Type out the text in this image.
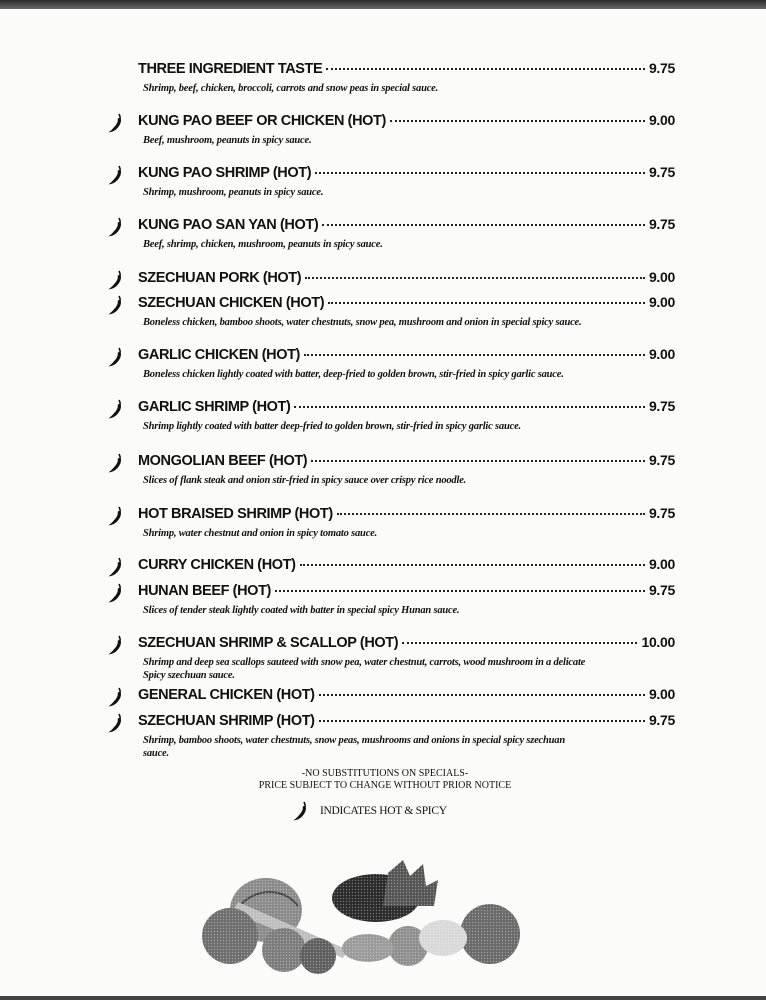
THREE INGREDIENT TASTE	9.75
Shrimp, beef, chicken, broccoli, carrots and snow peas in special sauce.
KUNG PAO BEEF OR CHICKEN (HOT)	9.00
Beef, mushroom, peanuts in spicy sauce.
KUNG PAO SHRIMP (HOT)	9.75
Shrimp, mushroom, peanuts in spicy sauce.
KUNG PAO SAN YAN (HOT)	9.75
Beef, shrimp, chicken, mushroom, peanuts in spicy sauce.
SZECHUAN PORK (HOT)	9.00
SZECHUAN CHICKEN (HOT)	9.00
Boneless chicken, bamboo shoots, water chestnuts, snow pea, mushroom and onion in special spicy sauce.
GARLIC CHICKEN (HOT)	9.00
Boneless chicken lightly coated with batter, deep-fried to golden brown, stir-fried in spicy garlic sauce.
GARLIC SHRIMP (HOT)	9.75
Shrimp lightly coated with batter deep-fried to golden brown, stir-fried in spicy garlic sauce.
MONGOLIAN BEEF (HOT)	9.75
Slices of flank steak and onion stir-fried in spicy sauce over crispy rice noodle.
HOT BRAISED SHRIMP (HOT)	9.75
Shrimp, water chestnut and onion in spicy tomato sauce.
CURRY CHICKEN (HOT)	9.00
HUNAN BEEF (HOT)	9.75
Slices of tender steak lightly coated with batter in special spicy Hunan sauce.
SZECHUAN SHRIMP & SCALLOP (HOT)	10.00
Shrimp and deep sea scallops sauteed with snow pea, water chestnut, carrots, wood mushroom in a delicate Spicy szechuan sauce.
GENERAL CHICKEN (HOT)	9.00
SZECHUAN SHRIMP (HOT)	9.75
Shrimp, bamboo shoots, water chestnuts, snow peas, mushrooms and onions in special spicy szechuan sauce.
-NO SUBSTITUTIONS ON SPECIALS-
PRICE SUBJECT TO CHANGE WITHOUT PRIOR NOTICE
INDICATES HOT & SPICY
